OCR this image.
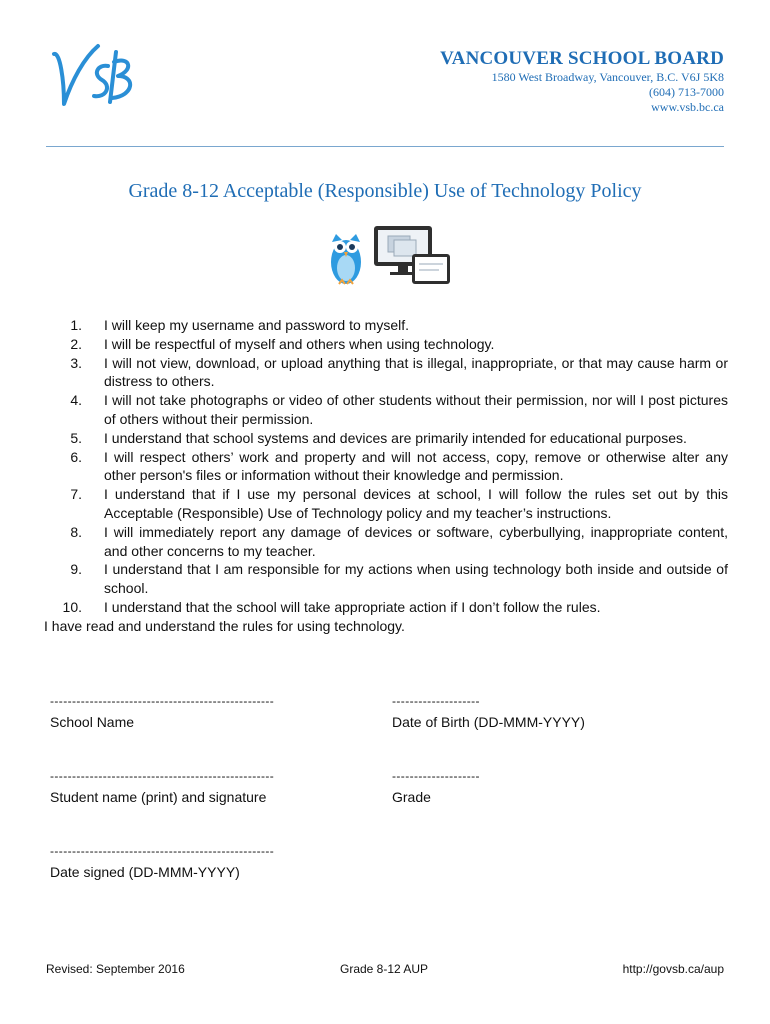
VANCOUVER SCHOOL BOARD
1580 West Broadway, Vancouver, B.C. V6J 5K8
(604) 713-7000
www.vsb.bc.ca
Grade 8-12 Acceptable (Responsible) Use of Technology Policy
1. I will keep my username and password to myself.
2. I will be respectful of myself and others when using technology.
3. I will not view, download, or upload anything that is illegal, inappropriate, or that may cause harm or distress to others.
4. I will not take photographs or video of other students without their permission, nor will I post pictures of others without their permission.
5. I understand that school systems and devices are primarily intended for educational purposes.
6. I will respect others’ work and property and will not access, copy, remove or otherwise alter any other person's files or information without their knowledge and permission.
7. I understand that if I use my personal devices at school, I will follow the rules set out by this Acceptable (Responsible) Use of Technology policy and my teacher’s instructions.
8. I will immediately report any damage of devices or software, cyberbullying, inappropriate content, and other concerns to my teacher.
9. I understand that I am responsible for my actions when using technology both inside and outside of school.
10. I understand that the school will take appropriate action if I don’t follow the rules.
I have read and understand the rules for using technology.
---------------------------------------------------
School Name
--------------------
Date of Birth (DD-MMM-YYYY)
---------------------------------------------------
Student name (print) and signature
--------------------
Grade
---------------------------------------------------
Date signed (DD-MMM-YYYY)
Revised: September 2016	Grade 8-12 AUP	http://govsb.ca/aup
